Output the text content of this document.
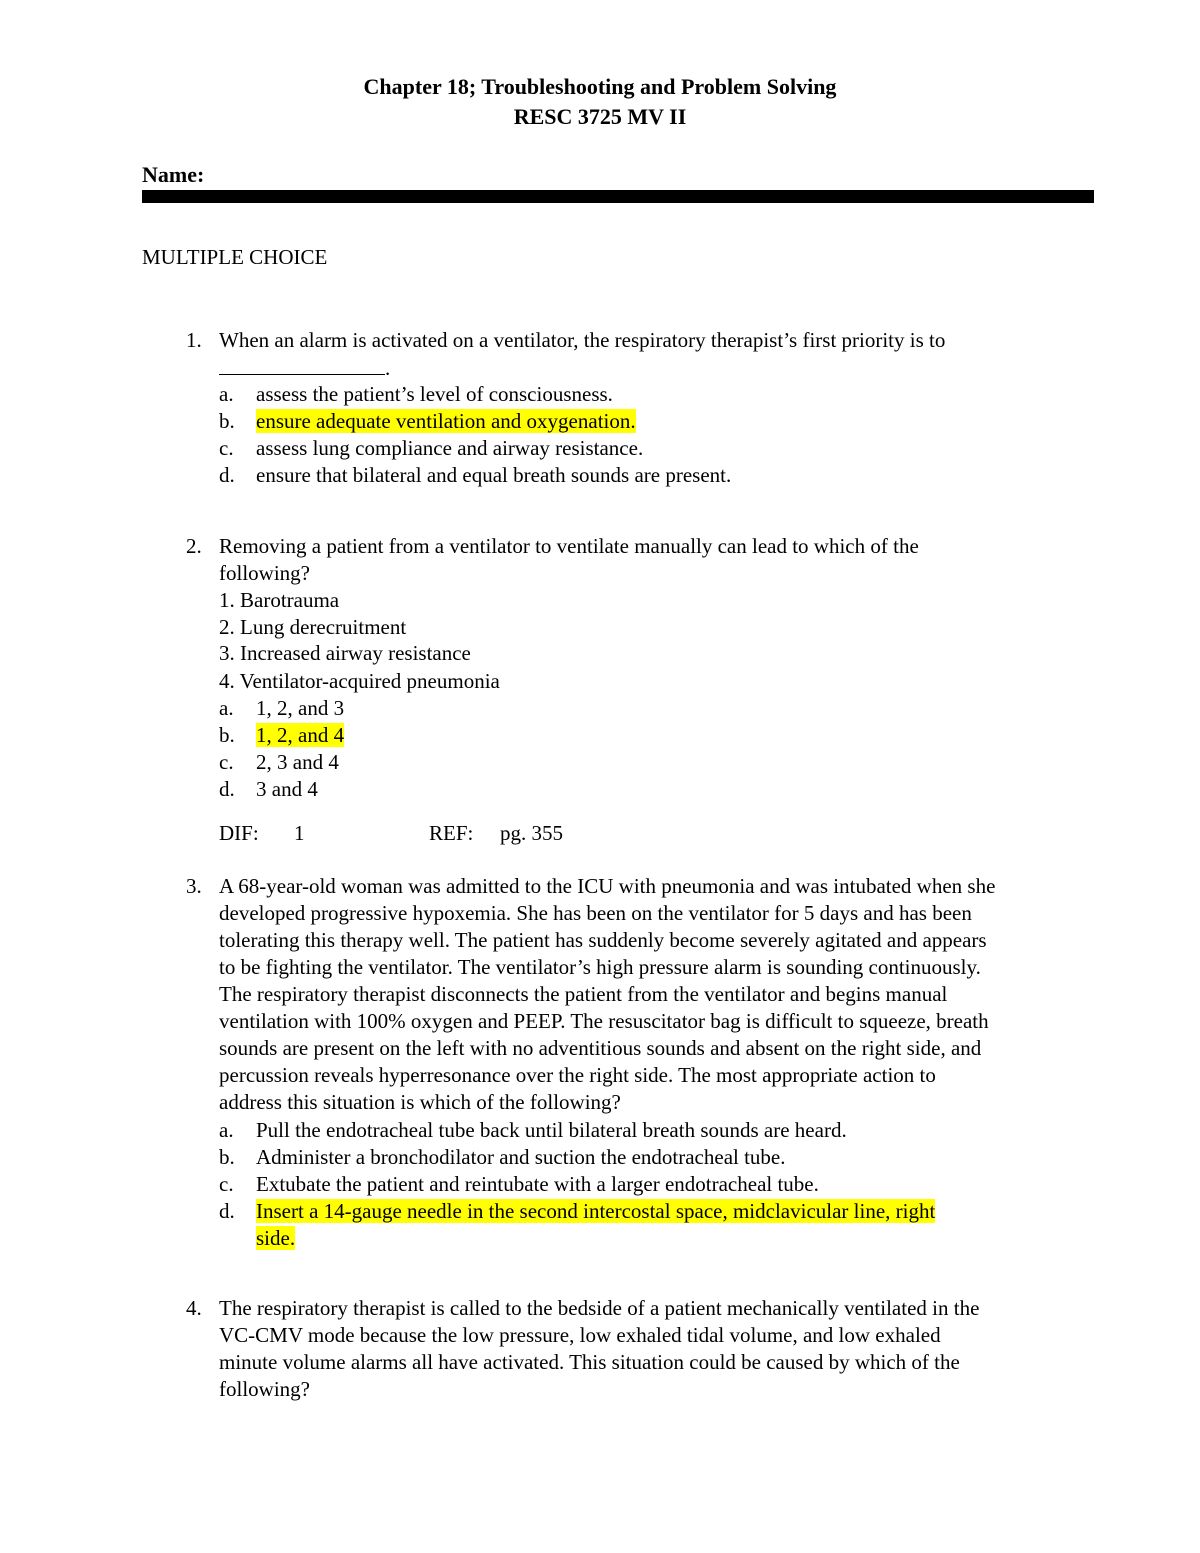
Chapter 18; Troubleshooting and Problem Solving
RESC 3725 MV II
Name:
MULTIPLE CHOICE
1. When an alarm is activated on a ventilator, the respiratory therapist’s first priority is to
.
a. assess the patient’s level of consciousness.
b. ensure adequate ventilation and oxygenation.
c. assess lung compliance and airway resistance.
d. ensure that bilateral and equal breath sounds are present.
2. Removing a patient from a ventilator to ventilate manually can lead to which of the
following?
1. Barotrauma
2. Lung derecruitment
3. Increased airway resistance
4. Ventilator-acquired pneumonia
a. 1, 2, and 3
b. 1, 2, and 4
c. 2, 3 and 4
d. 3 and 4
DIF: 1	REF: pg. 355
3. A 68-year-old woman was admitted to the ICU with pneumonia and was intubated when she
developed progressive hypoxemia. She has been on the ventilator for 5 days and has been
tolerating this therapy well. The patient has suddenly become severely agitated and appears
to be fighting the ventilator. The ventilator’s high pressure alarm is sounding continuously.
The respiratory therapist disconnects the patient from the ventilator and begins manual
ventilation with 100% oxygen and PEEP. The resuscitator bag is difficult to squeeze, breath
sounds are present on the left with no adventitious sounds and absent on the right side, and
percussion reveals hyperresonance over the right side. The most appropriate action to
address this situation is which of the following?
a. Pull the endotracheal tube back until bilateral breath sounds are heard.
b. Administer a bronchodilator and suction the endotracheal tube.
c. Extubate the patient and reintubate with a larger endotracheal tube.
d. Insert a 14-gauge needle in the second intercostal space, midclavicular line, right
side.
4. The respiratory therapist is called to the bedside of a patient mechanically ventilated in the
VC-CMV mode because the low pressure, low exhaled tidal volume, and low exhaled
minute volume alarms all have activated. This situation could be caused by which of the
following?
